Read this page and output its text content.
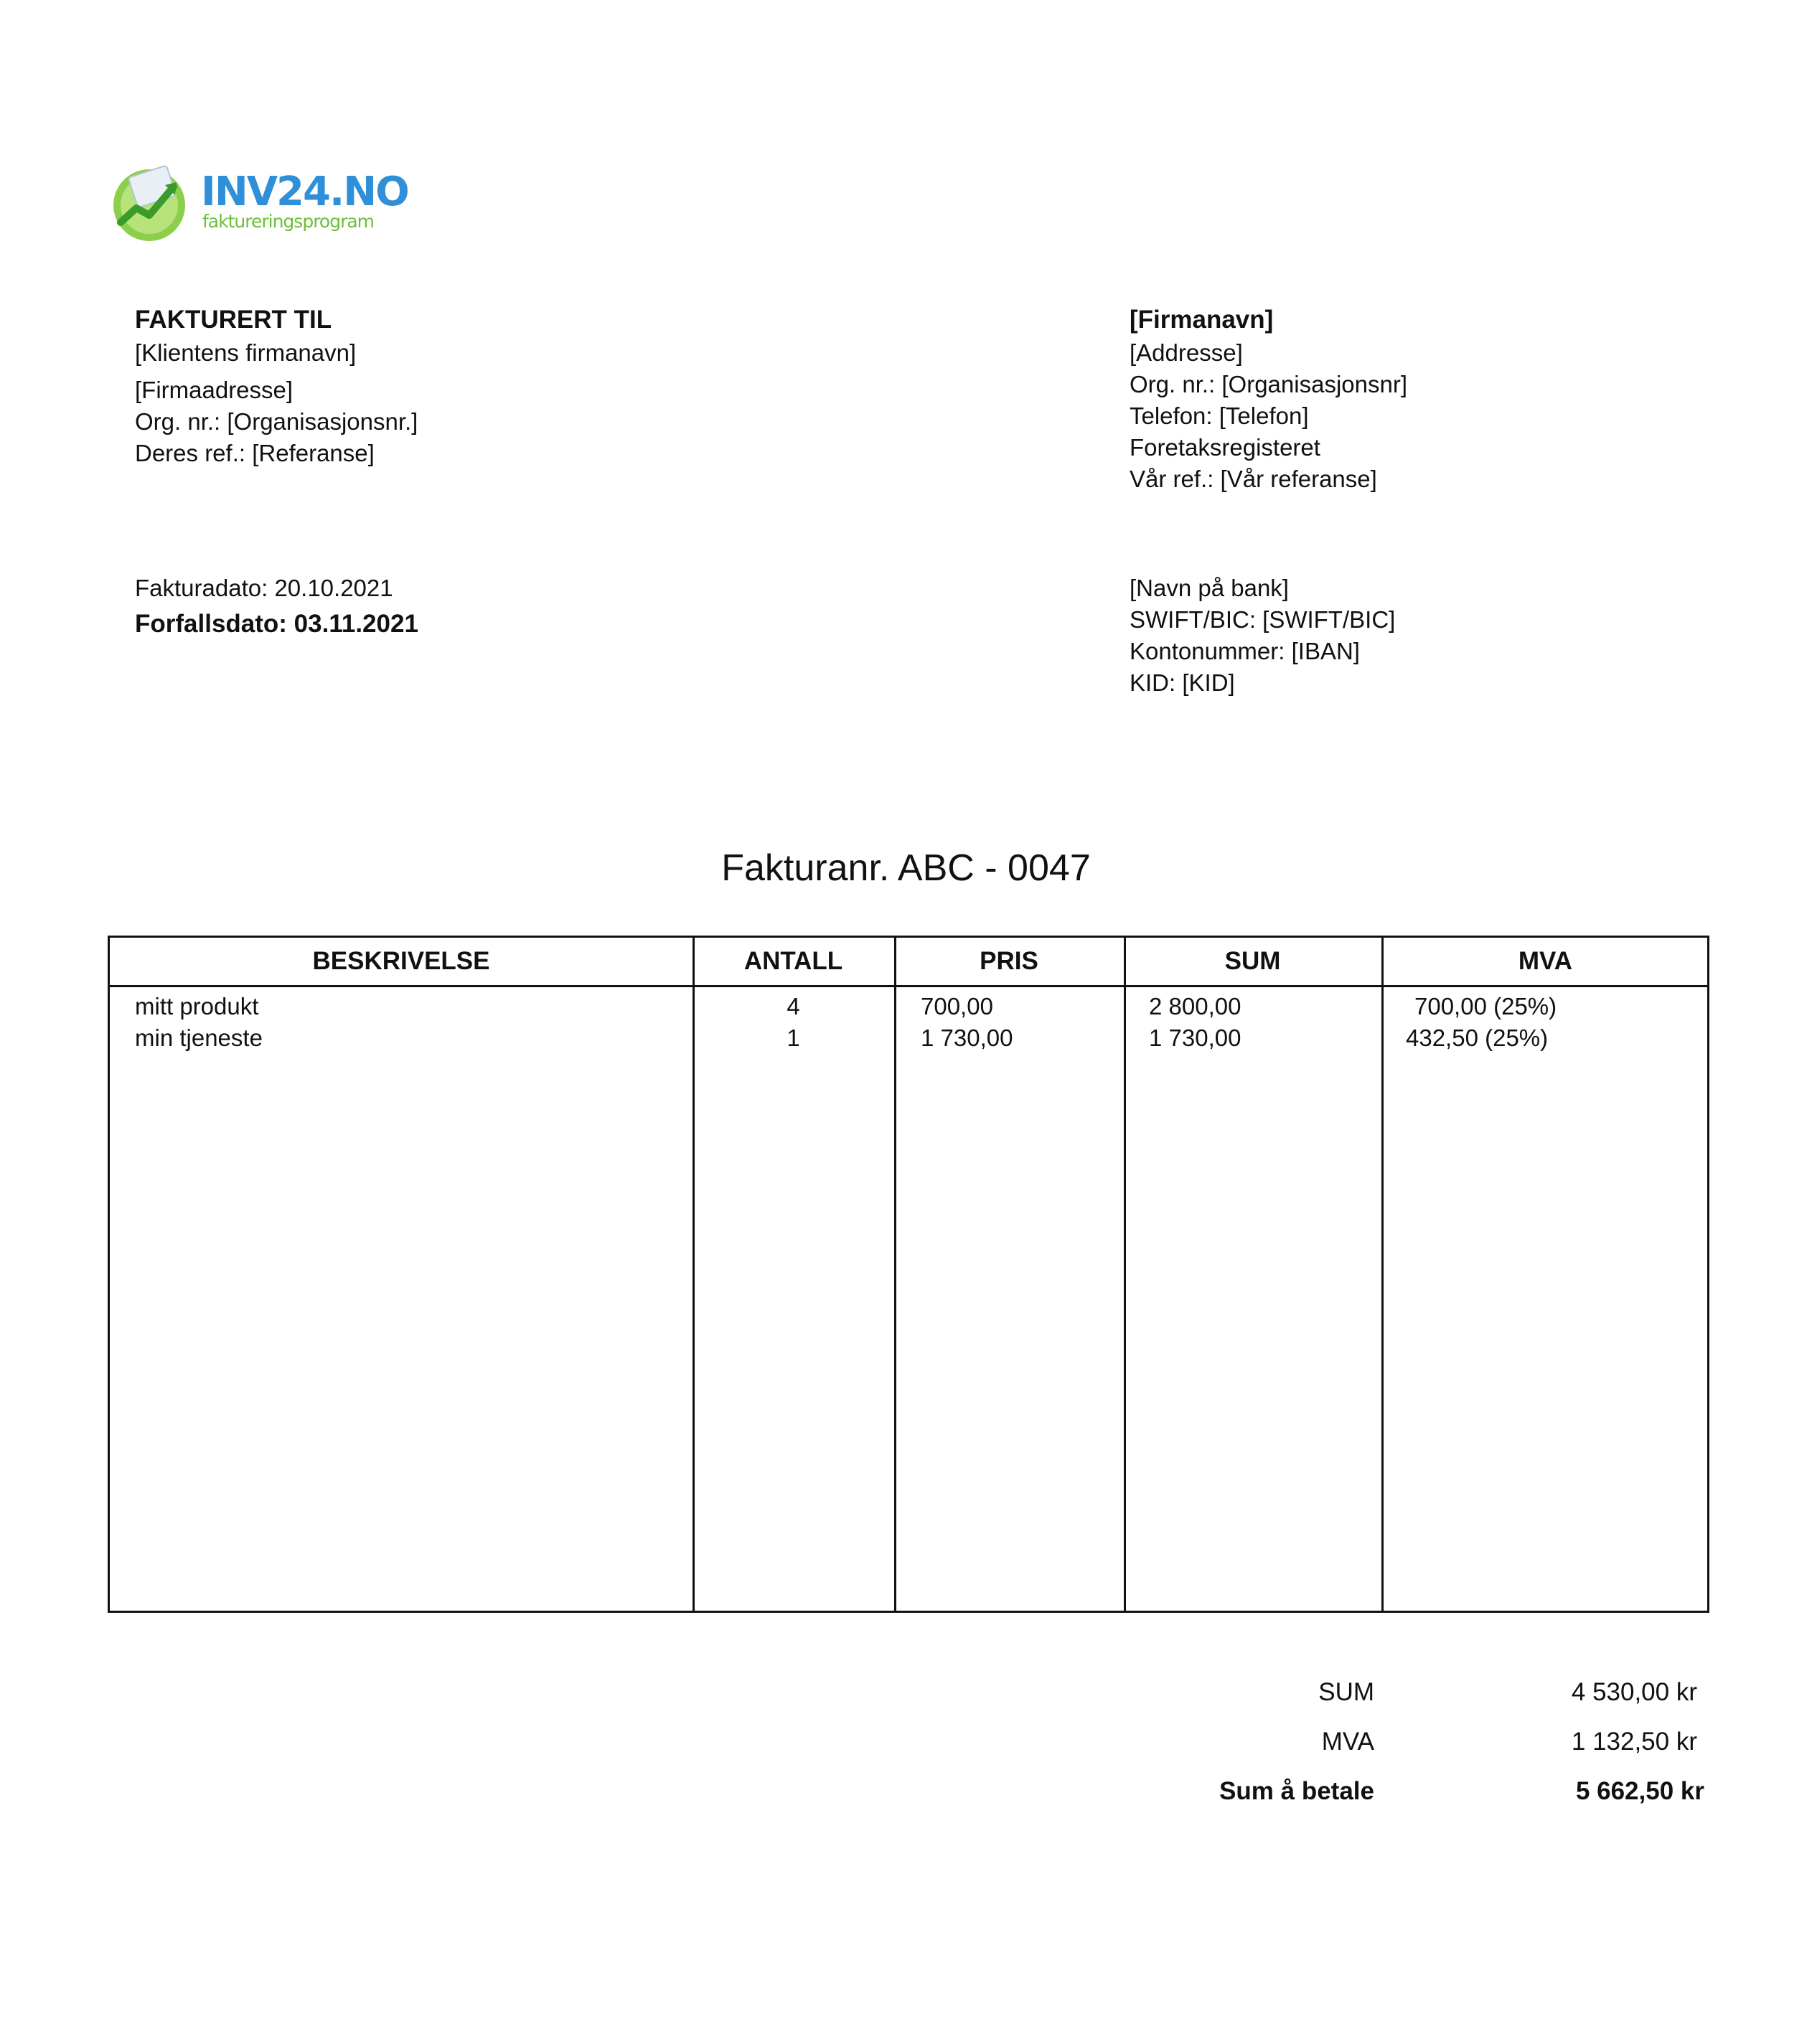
INV24.NO
faktureringsprogram
FAKTURERT TIL
[Klientens firmanavn]
[Firmaadresse]
Org. nr.: [Organisasjonsnr.]
Deres ref.: [Referanse]
[Firmanavn]
[Addresse]
Org. nr.: [Organisasjonsnr]
Telefon: [Telefon]
Foretaksregisteret
Vår ref.: [Vår referanse]
Fakturadato: 20.10.2021
Forfallsdato: 03.11.2021
[Navn på bank]
SWIFT/BIC: [SWIFT/BIC]
Kontonummer: [IBAN]
KID: [KID]
Fakturanr. ABC - 0047
BESKRIVELSE	ANTALL	PRIS	SUM	MVA
mitt produkt	4	700,00	2 800,00	700,00 (25%)
min tjeneste	1	1 730,00	1 730,00	432,50 (25%)
SUM	4 530,00 kr
MVA	1 132,50 kr
Sum å betale	5 662,50 kr
